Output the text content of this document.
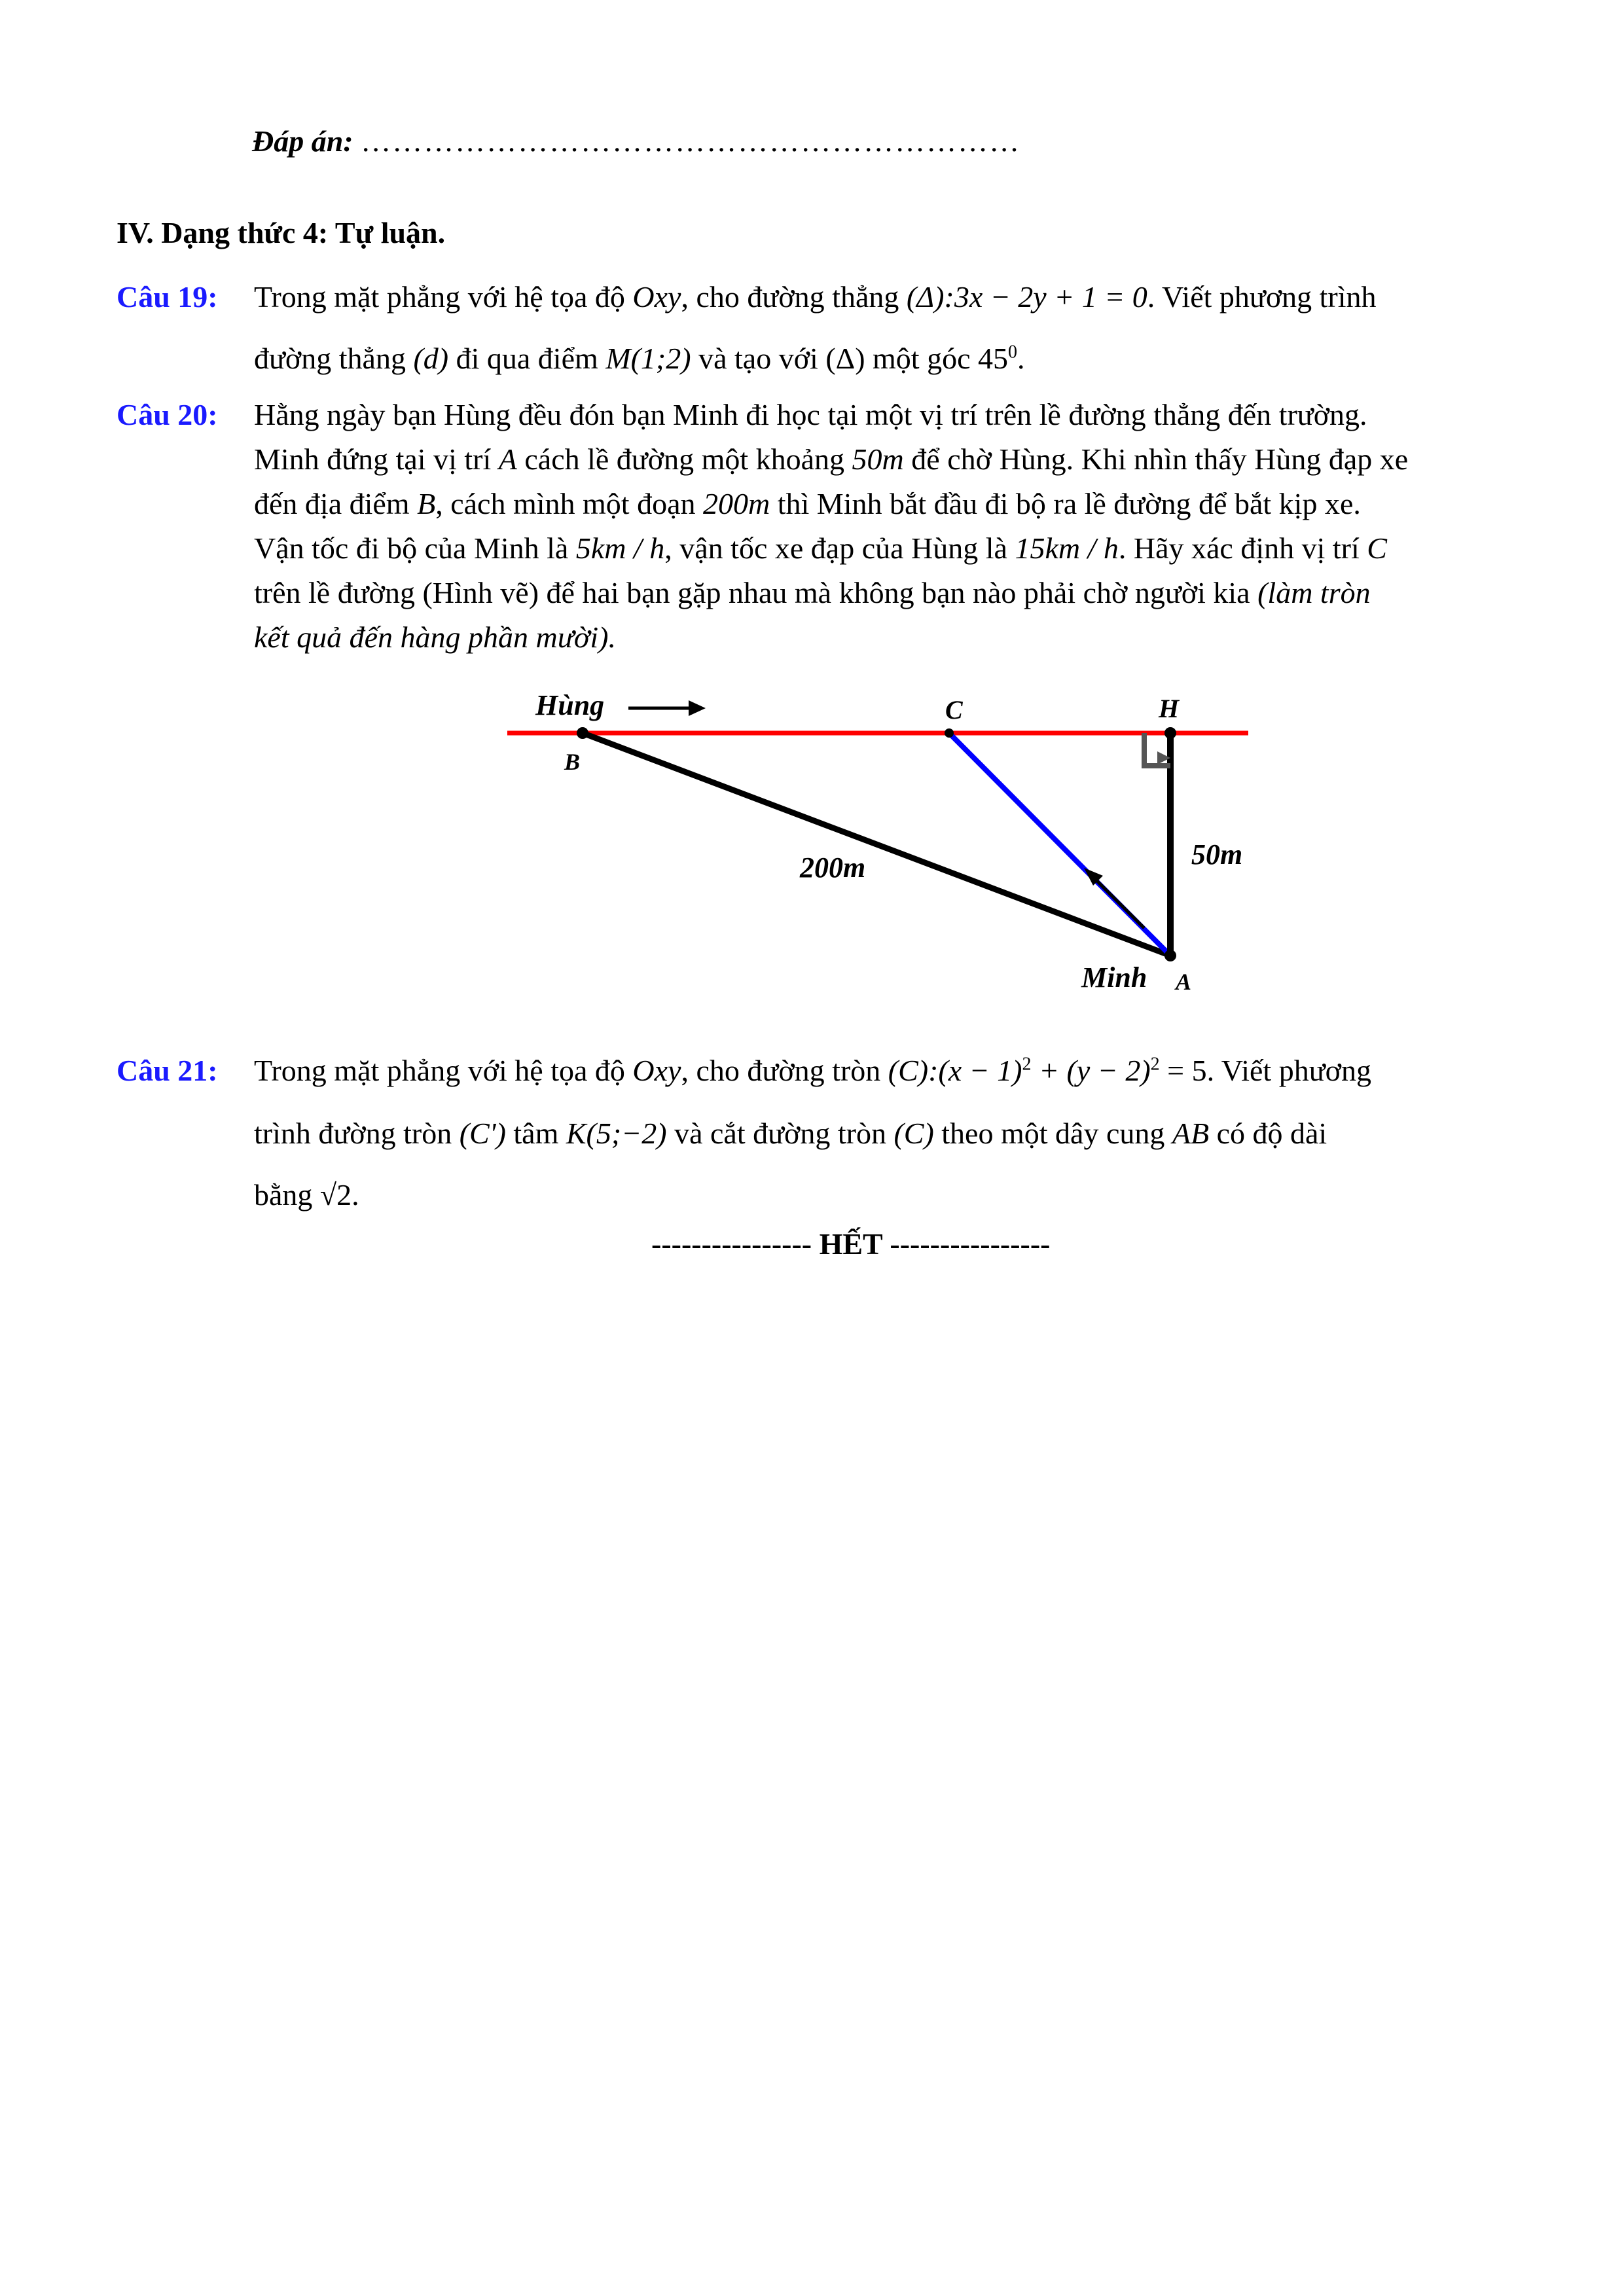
Đáp án: ………………………………………………………
IV. Dạng thức 4: Tự luận.
Câu 19: Trong mặt phẳng với hệ tọa độ Oxy, cho đường thẳng (Δ):3x − 2y + 1 = 0. Viết phương trình
đường thẳng (d) đi qua điểm M(1;2) và tạo với (Δ) một góc $45^0$.
Câu 20: Hằng ngày bạn Hùng đều đón bạn Minh đi học tại một vị trí trên lề đường thẳng đến trường.
Minh đứng tại vị trí A cách lề đường một khoảng 50m để chờ Hùng. Khi nhìn thấy Hùng đạp xe
đến địa điểm B, cách mình một đoạn 200m thì Minh bắt đầu đi bộ ra lề đường để bắt kịp xe.
Vận tốc đi bộ của Minh là 5km / h, vận tốc xe đạp của Hùng là 15km / h. Hãy xác định vị trí C
trên lề đường (Hình vẽ) để hai bạn gặp nhau mà không bạn nào phải chờ người kia (làm tròn
kết quả đến hàng phần mười).
Hùng
B
C	H
200m	50m
Minh A
Câu 21: Trong mặt phẳng với hệ tọa độ Oxy, cho đường tròn (C):(x − $1)^2 + (y - 2)^2 = 5$. Viết phương
trình đường tròn (C') tâm K(5;−2) và cắt đường tròn (C) theo một dây cung AB có độ dài
bằng √2.
---------------- HẾT ----------------
